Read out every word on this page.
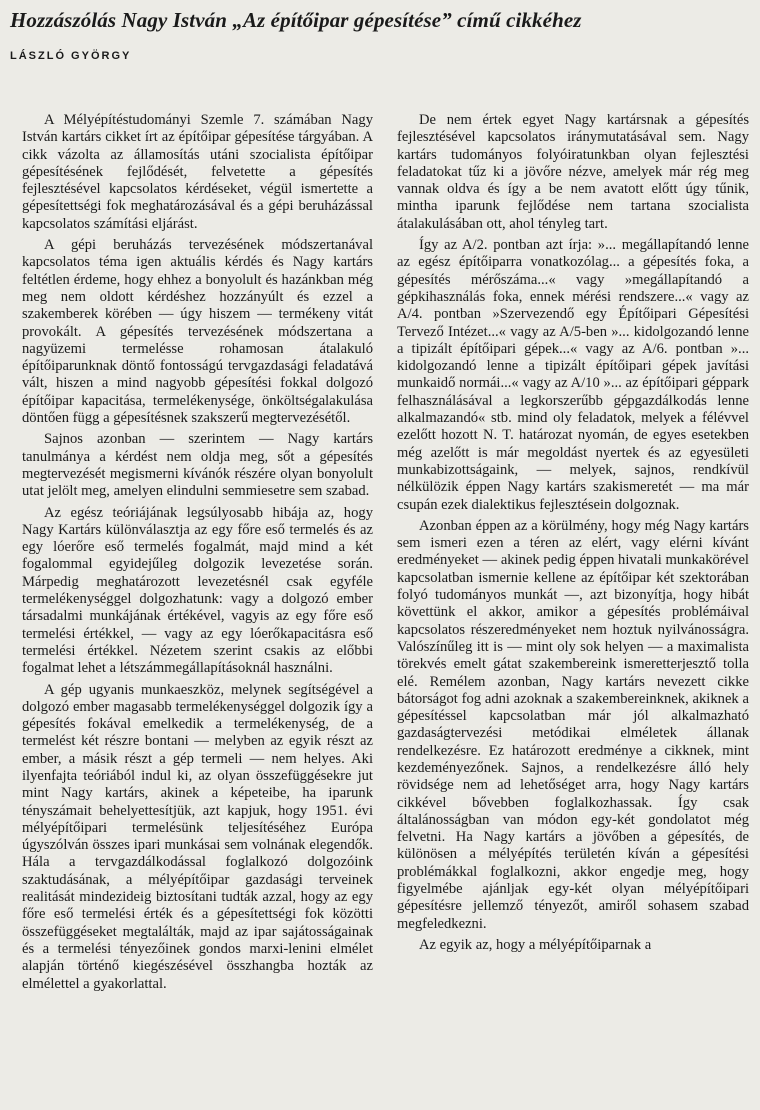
Hozzászólás Nagy István „Az építőipar gépesítése” című cikkéhez
LÁSZLÓ GYÖRGY

A Mélyépítéstudományi Szemle 7. számában Nagy István kartárs cikket írt az építőipar gépesítése tárgyában. A cikk vázolta az államosítás utáni szocialista építőipar gépesítésének fejlődését, felvetette a gépesítés fejlesztésével kapcsolatos kérdéseket, végül ismertette a gépesítettségi fok meghatározásával és a gépi beruházással kapcsolatos számítási eljárást.

A gépi beruházás tervezésének módszertanával kapcsolatos téma igen aktuális kérdés és Nagy kartárs feltétlen érdeme, hogy ehhez a bonyolult és hazánkban még meg nem oldott kérdéshez hozzányúlt és ezzel a szakemberek körében — úgy hiszem — termékeny vitát provokált. A gépesítés tervezésének módszertana a nagyüzemi termelésse rohamosan átalakuló építőiparunknak döntő fontosságú tervgazdasági feladatává vált, hiszen a mind nagyobb gépesítési fokkal dolgozó építőipar kapacitása, termelékenysége, önköltségalakulása döntően függ a gépesítésnek szakszerű megtervezésétől.

Sajnos azonban — szerintem — Nagy kartárs tanulmánya a kérdést nem oldja meg, sőt a gépesítés megtervezését megismerni kívánók részére olyan bonyolult utat jelölt meg, amelyen elindulni semmiesetre sem szabad.

Az egész teóriájának legsúlyosabb hibája az, hogy Nagy Kartárs különválasztja az egy főre eső termelés és az egy lóerőre eső termelés fogalmát, majd mind a két fogalommal egyidejűleg dolgozik levezetése során. Márpedig meghatározott levezetésnél csak egyféle termelékenységgel dolgozhatunk: vagy a dolgozó ember társadalmi munkájának értékével, vagyis az egy főre eső termelési értékkel, — vagy az egy lóerőkapacitásra eső termelési értékkel. Nézetem szerint csakis az előbbi fogalmat lehet a létszámmegállapításoknál használni.

A gép ugyanis munkaeszköz, melynek segítségével a dolgozó ember magasabb termelékenységgel dolgozik így a gépesítés fokával emelkedik a termelékenység, de a termelést két részre bontani — melyben az egyik részt az ember, a másik részt a gép termeli — nem helyes. Aki ilyenfajta teóriából indul ki, az olyan összefüggésekre jut mint Nagy kartárs, akinek a képeteibe, ha iparunk tényszámait behelyettesítjük, azt kapjuk, hogy 1951. évi mélyépítőipari termelésünk teljesítéséhez Európa úgyszólván összes ipari munkásai sem volnának elegendők. Hála a tervgazdálkodással foglalkozó dolgozóink szaktudásának, a mélyépítőipar gazdasági terveinek realitását mindezideig biztosítani tudták azzal, hogy az egy főre eső termelési érték és a gépesítettségi fok közötti összefüggéseket megtalálták, majd az ipar sajátosságainak és a termelési tényezőinek gondos marxi-lenini elmélet alapján történő kiegészésével összhangba hozták az elmélettel a gyakorlattal.

De nem értek egyet Nagy kartársnak a gépesítés fejlesztésével kapcsolatos iránymutatásával sem. Nagy kartárs tudományos folyóiratunkban olyan fejlesztési feladatokat tűz ki a jövőre nézve, amelyek már rég meg vannak oldva és így a be nem avatott előtt úgy tűnik, mintha iparunk fejlődése nem tartana szocialista átalakulásában ott, ahol tényleg tart.

Így az A/2. pontban azt írja: »... megállapítandó lenne az egész építőiparra vonatkozólag... a gépesítés foka, a gépesítés mérőszáma...« vagy »megállapítandó a gépkihasználás foka, ennek mérési rendszere...« vagy az A/4. pontban »Szervezendő egy Építőipari Gépesítési Tervező Intézet...« vagy az A/5-ben »... kidolgozandó lenne a tipizált építőipari gépek...« vagy az A/6. pontban »... kidolgozandó lenne a tipizált építőipari gépek javítási munkaidő normái...« vagy az A/10 »... az építőipari géppark felhasználásával a legkorszerűbb gépgazdálkodás lenne alkalmazandó« stb. mind oly feladatok, melyek a félévvel ezelőtt hozott N. T. határozat nyomán, de egyes esetekben még azelőtt is már megoldást nyertek és az egyesületi munkabizottságaink, — melyek, sajnos, rendkívül nélkülözik éppen Nagy kartárs szakismeretét — ma már csupán ezek dialektikus fejlesztésein dolgoznak.

Azonban éppen az a körülmény, hogy még Nagy kartárs sem ismeri ezen a téren az elért, vagy elérni kívánt eredményeket — akinek pedig éppen hivatali munkakörével kapcsolatban ismernie kellene az építőipar két szektorában folyó tudományos munkát —, azt bizonyítja, hogy hibát követtünk el akkor, amikor a gépesítés problémáival kapcsolatos részeredményeket nem hoztuk nyilvánosságra. Valószínűleg itt is — mint oly sok helyen — a maximalista törekvés emelt gátat szakembereink ismeretterjesztő tolla elé. Remélem azonban, Nagy kartárs nevezett cikke bátorságot fog adni azoknak a szakembereinknek, akiknek a gépesítéssel kapcsolatban már jól alkalmazható gazdaságtervezési metódikai elméletek állanak rendelkezésre. Ez határozott eredménye a cikknek, mint kezdeményezőnek. Sajnos, a rendelkezésre álló hely rövidsége nem ad lehetőséget arra, hogy Nagy kartárs cikkével bővebben foglalkozhassak. Így csak általánosságban van módon egy-két gondolatot még felvetni. Ha Nagy kartárs a jövőben a gépesítés, de különösen a mélyépítés területén kíván a gépesítési problémákkal foglalkozni, akkor engedje meg, hogy figyelmébe ajánljak egy-két olyan mélyépítőipari gépesítésre jellemző tényezőt, amiről sohasem szabad megfeledkezni.

Az egyik az, hogy a mélyépítőiparnak a
